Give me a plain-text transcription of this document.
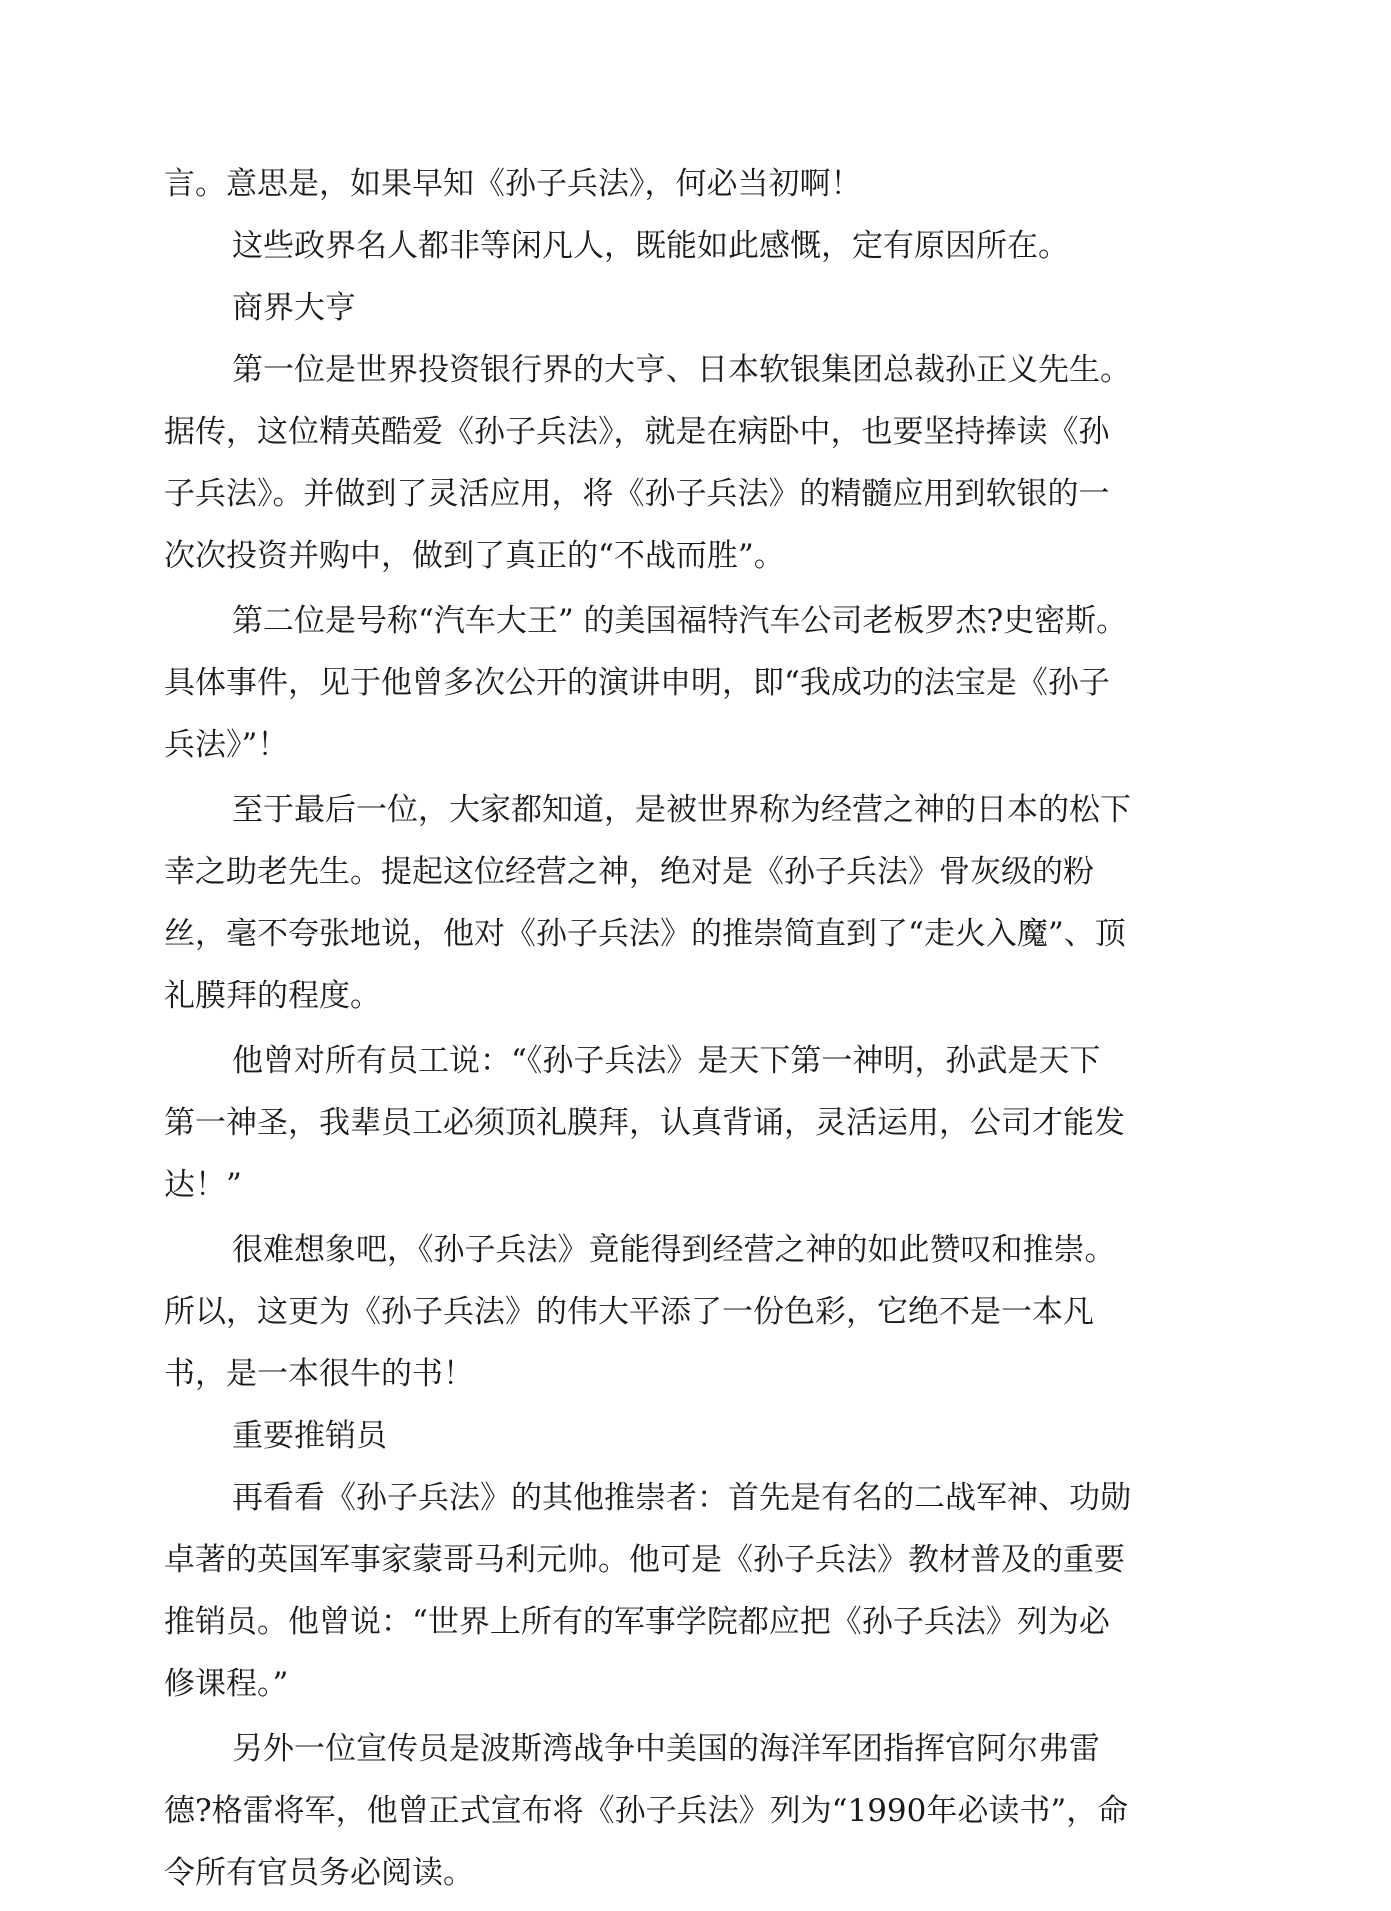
言。意思是，如果早知《孙子兵法》，何必当初啊！
这些政界名人都非等闲凡人，既能如此感慨，定有原因所在。
商界大亨
第一位是世界投资银行界的大亨、日本软银集团总裁孙正义先生。
据传，这位精英酷爱《孙子兵法》，就是在病卧中，也要坚持捧读《孙
子兵法》。并做到了灵活应用，将《孙子兵法》的精髓应用到软银的一
次次投资并购中，做到了真正的“不战而胜”。
第二位是号称“汽车大王” 的美国福特汽车公司老板罗杰?史密斯。
具体事件，见于他曾多次公开的演讲申明，即“我成功的法宝是《孙子
兵法》”！
至于最后一位，大家都知道，是被世界称为经营之神的日本的松下
幸之助老先生。提起这位经营之神，绝对是《孙子兵法》骨灰级的粉
丝，毫不夸张地说，他对《孙子兵法》的推崇简直到了“走火入魔”、顶
礼膜拜的程度。
他曾对所有员工说：“《孙子兵法》是天下第一神明，孙武是天下
第一神圣，我辈员工必须顶礼膜拜，认真背诵，灵活运用，公司才能发
达！”
很难想象吧，《孙子兵法》竟能得到经营之神的如此赞叹和推崇。
所以，这更为《孙子兵法》的伟大平添了一份色彩，它绝不是一本凡
书，是一本很牛的书！
重要推销员
再看看《孙子兵法》的其他推崇者：首先是有名的二战军神、功勋
卓著的英国军事家蒙哥马利元帅。他可是《孙子兵法》教材普及的重要
推销员。他曾说：“世界上所有的军事学院都应把《孙子兵法》列为必
修课程。”
另外一位宣传员是波斯湾战争中美国的海洋军团指挥官阿尔弗雷
德?格雷将军，他曾正式宣布将《孙子兵法》列为“1990年必读书”，命
令所有官员务必阅读。
